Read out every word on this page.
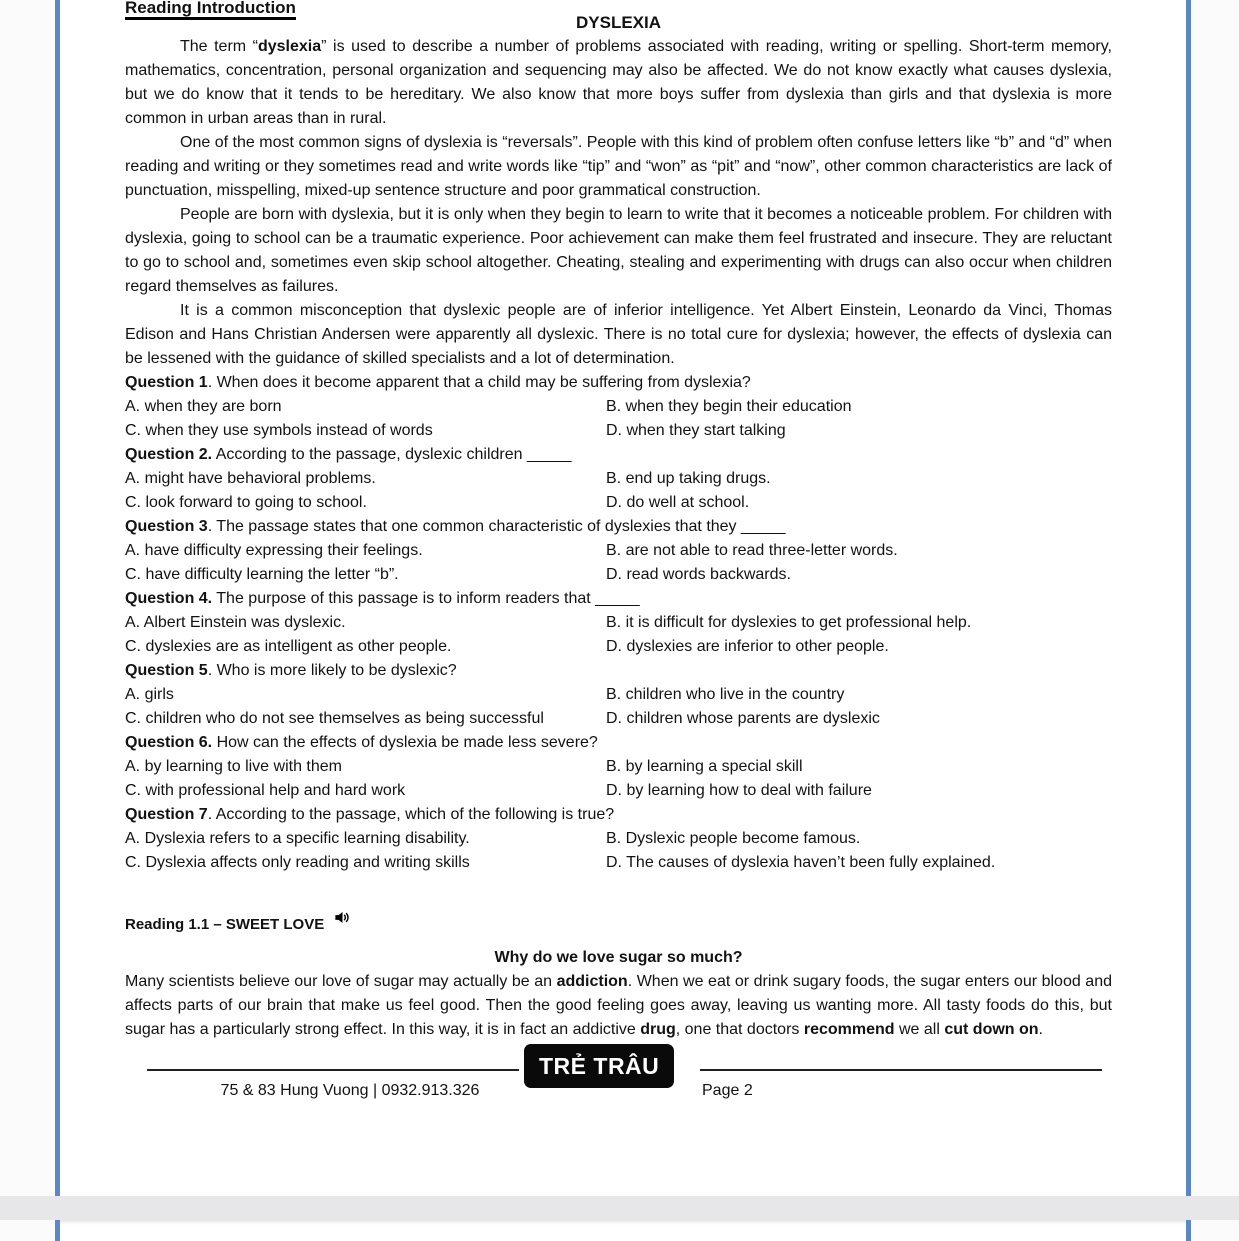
Reading Introduction
DYSLEXIA
The term “dyslexia” is used to describe a number of problems associated with reading, writing or spelling. Short-term memory, mathematics, concentration, personal organization and sequencing may also be affected. We do not know exactly what causes dyslexia, but we do know that it tends to be hereditary. We also know that more boys suffer from dyslexia than girls and that dyslexia is more common in urban areas than in rural.
One of the most common signs of dyslexia is “reversals”. People with this kind of problem often confuse letters like “b” and “d” when reading and writing or they sometimes read and write words like “tip” and “won” as “pit” and “now”, other common characteristics are lack of punctuation, misspelling, mixed-up sentence structure and poor grammatical construction.
People are born with dyslexia, but it is only when they begin to learn to write that it becomes a noticeable problem. For children with dyslexia, going to school can be a traumatic experience. Poor achievement can make them feel frustrated and insecure. They are reluctant to go to school and, sometimes even skip school altogether. Cheating, stealing and experimenting with drugs can also occur when children regard themselves as failures.
It is a common misconception that dyslexic people are of inferior intelligence. Yet Albert Einstein, Leonardo da Vinci, Thomas Edison and Hans Christian Andersen were apparently all dyslexic. There is no total cure for dyslexia; however, the effects of dyslexia can be lessened with the guidance of skilled specialists and a lot of determination.
Question 1. When does it become apparent that a child may be suffering from dyslexia?
A. when they are born	B. when they begin their education
C. when they use symbols instead of words	D. when they start talking
Question 2. According to the passage, dyslexic children _____
A. might have behavioral problems.	B. end up taking drugs.
C. look forward to going to school.	D. do well at school.
Question 3. The passage states that one common characteristic of dyslexies that they _____
A. have difficulty expressing their feelings.	B. are not able to read three-letter words.
C. have difficulty learning the letter “b”.	D. read words backwards.
Question 4. The purpose of this passage is to inform readers that _____
A. Albert Einstein was dyslexic.	B. it is difficult for dyslexies to get professional help.
C. dyslexies are as intelligent as other people.	D. dyslexies are inferior to other people.
Question 5. Who is more likely to be dyslexic?
A. girls	B. children who live in the country
C. children who do not see themselves as being successful	D. children whose parents are dyslexic
Question 6. How can the effects of dyslexia be made less severe?
A. by learning to live with them	B. by learning a special skill
C. with professional help and hard work	D. by learning how to deal with failure
Question 7. According to the passage, which of the following is true?
A. Dyslexia refers to a specific learning disability.	B. Dyslexic people become famous.
C. Dyslexia affects only reading and writing skills	D. The causes of dyslexia haven’t been fully explained.
Reading 1.1 – SWEET LOVE
Why do we love sugar so much?
Many scientists believe our love of sugar may actually be an addiction. When we eat or drink sugary foods, the sugar enters our blood and affects parts of our brain that make us feel good. Then the good feeling goes away, leaving us wanting more. All tasty foods do this, but sugar has a particularly strong effect. In this way, it is in fact an addictive drug, one that doctors recommend we all cut down on.
75 & 83 Hung Vuong | 0932.913.326
TRẺ TRÂU
Page 2
